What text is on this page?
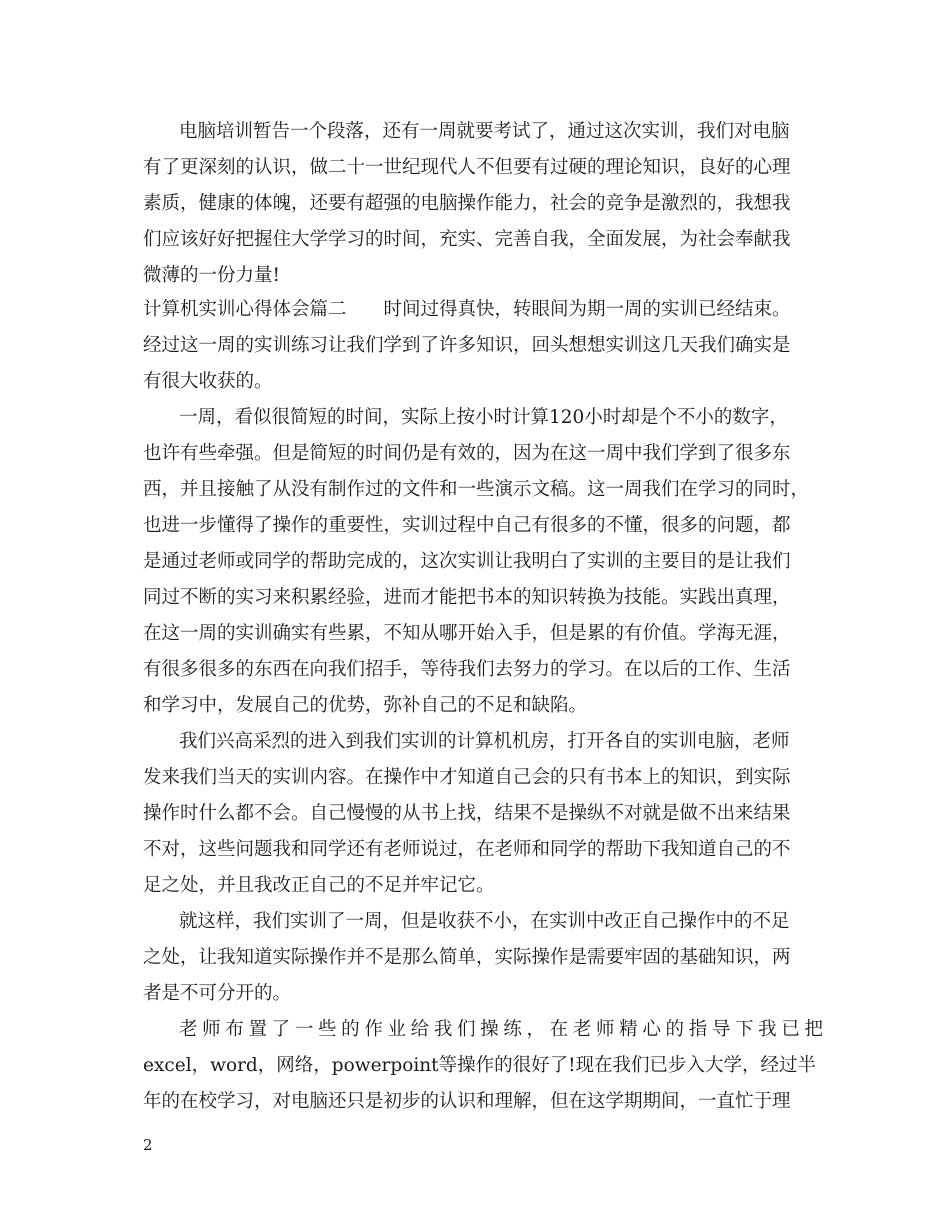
电脑培训暂告一个段落，还有一周就要考试了，通过这次实训，我们对电脑
有了更深刻的认识，做二十一世纪现代人不但要有过硬的理论知识，良好的心理
素质，健康的体魄，还要有超强的电脑操作能力，社会的竞争是激烈的，我想我
们应该好好把握住大学学习的时间，充实、完善自我，全面发展，为社会奉献我
微薄的一份力量!
计算机实训心得体会篇二　　时间过得真快，转眼间为期一周的实训已经结束。
经过这一周的实训练习让我们学到了许多知识，回头想想实训这几天我们确实是
有很大收获的。
一周，看似很简短的时间，实际上按小时计算120小时却是个不小的数字，
也许有些牵强。但是简短的时间仍是有效的，因为在这一周中我们学到了很多东
西，并且接触了从没有制作过的文件和一些演示文稿。这一周我们在学习的同时，
也进一步懂得了操作的重要性，实训过程中自己有很多的不懂，很多的问题，都
是通过老师或同学的帮助完成的，这次实训让我明白了实训的主要目的是让我们
同过不断的实习来积累经验，进而才能把书本的知识转换为技能。实践出真理，
在这一周的实训确实有些累，不知从哪开始入手，但是累的有价值。学海无涯，
有很多很多的东西在向我们招手，等待我们去努力的学习。在以后的工作、生活
和学习中，发展自己的优势，弥补自己的不足和缺陷。
我们兴高采烈的进入到我们实训的计算机机房，打开各自的实训电脑，老师
发来我们当天的实训内容。在操作中才知道自己会的只有书本上的知识，到实际
操作时什么都不会。自己慢慢的从书上找，结果不是操纵不对就是做不出来结果
不对，这些问题我和同学还有老师说过，在老师和同学的帮助下我知道自己的不
足之处，并且我改正自己的不足并牢记它。
就这样，我们实训了一周，但是收获不小，在实训中改正自己操作中的不足
之处，让我知道实际操作并不是那么简单，实际操作是需要牢固的基础知识，两
者是不可分开的。
老师布置了一些的作业给我们操练，在老师精心的指导下我已把
excel，word，网络，powerpoint等操作的很好了!现在我们已步入大学，经过半
年的在校学习，对电脑还只是初步的认识和理解，但在这学期期间，一直忙于理
2
